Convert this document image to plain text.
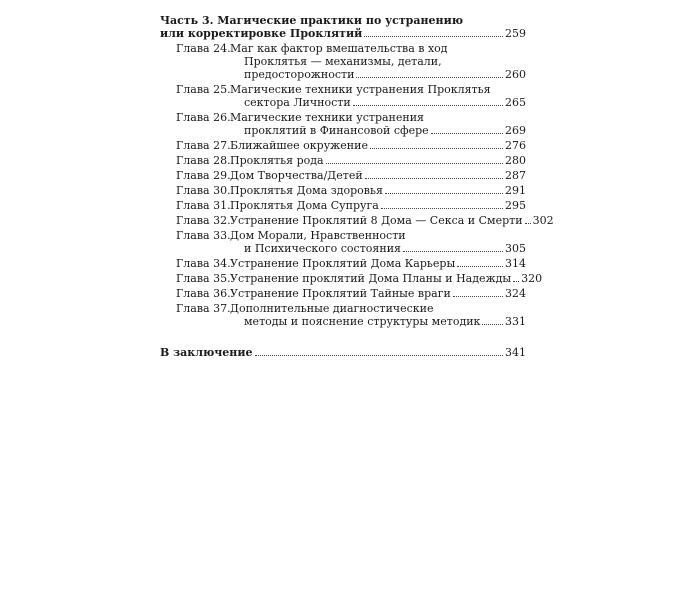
Часть 3. Магические практики по устранению
или корректировке Проклятий	259
Глава 24. Маг как фактор вмешательства в ход
Проклятья — механизмы, детали,
предосторожности	260
Глава 25. Магические техники устранения Проклятья
сектора Личности	265
Глава 26. Магические техники устранения
проклятий в Финансовой сфере	269
Глава 27. Ближайшее окружение	276
Глава 28. Проклятья рода	280
Глава 29. Дом Творчества/Детей	287
Глава 30. Проклятья Дома здоровья	291
Глава 31. Проклятья Дома Супруга	295
Глава 32. Устранение Проклятий 8 Дома — Секса и Смерти 302
Глава 33. Дом Морали, Нравственности
и Психического состояния	305
Глава 34. Устранение Проклятий Дома Карьеры	314
Глава 35. Устранение проклятий Дома Планы и Надежды 320
Глава 36. Устранение Проклятий Тайные враги	324
Глава 37. Дополнительные диагностические
методы и пояснение структуры методик 331
В заключение	341
